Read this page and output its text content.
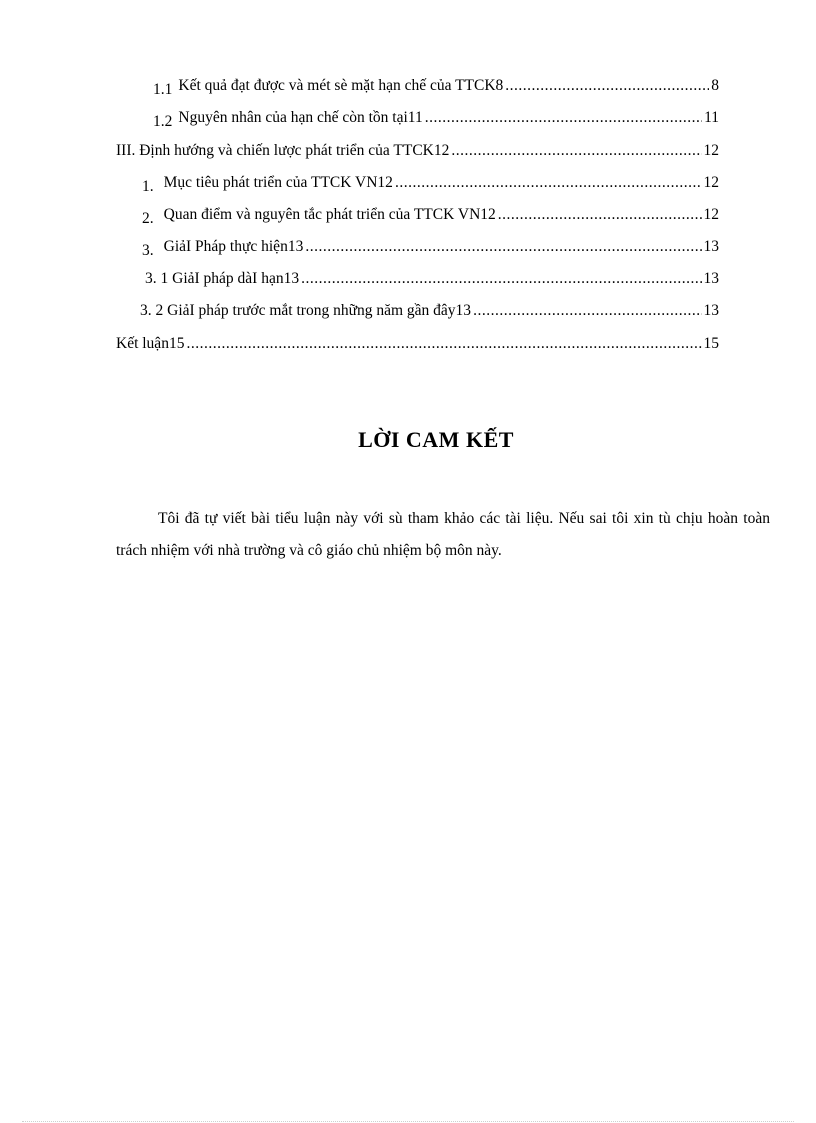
1.1 Kết quả đạt được và mét sè mặt hạn chế của TTCK8 .....	8
1.2 Nguyên nhân của hạn chế còn tồn tại11 .....	11
III. Định hướng và chiến lược phát triển của TTCK12 .....	12
1. Mục tiêu phát triển của TTCK VN12 .....	12
2. Quan điểm và nguyên tắc phát triển của TTCK VN12 .....	12
3. GiảI Pháp thực hiện13 .....	13
3. 1 GiảI pháp dàI hạn13 .....	13
3. 2 GiảI pháp trước mắt trong những năm gần đây13 .....	13
Kết luận15 .....	15
LỜI CAM KẾT
Tôi đã tự viết bài tiểu luận này với sù tham khảo các tài liệu. Nếu sai tôi xin tù chịu hoàn toàn trách nhiệm với nhà trường và cô giáo chủ nhiệm bộ môn này.
